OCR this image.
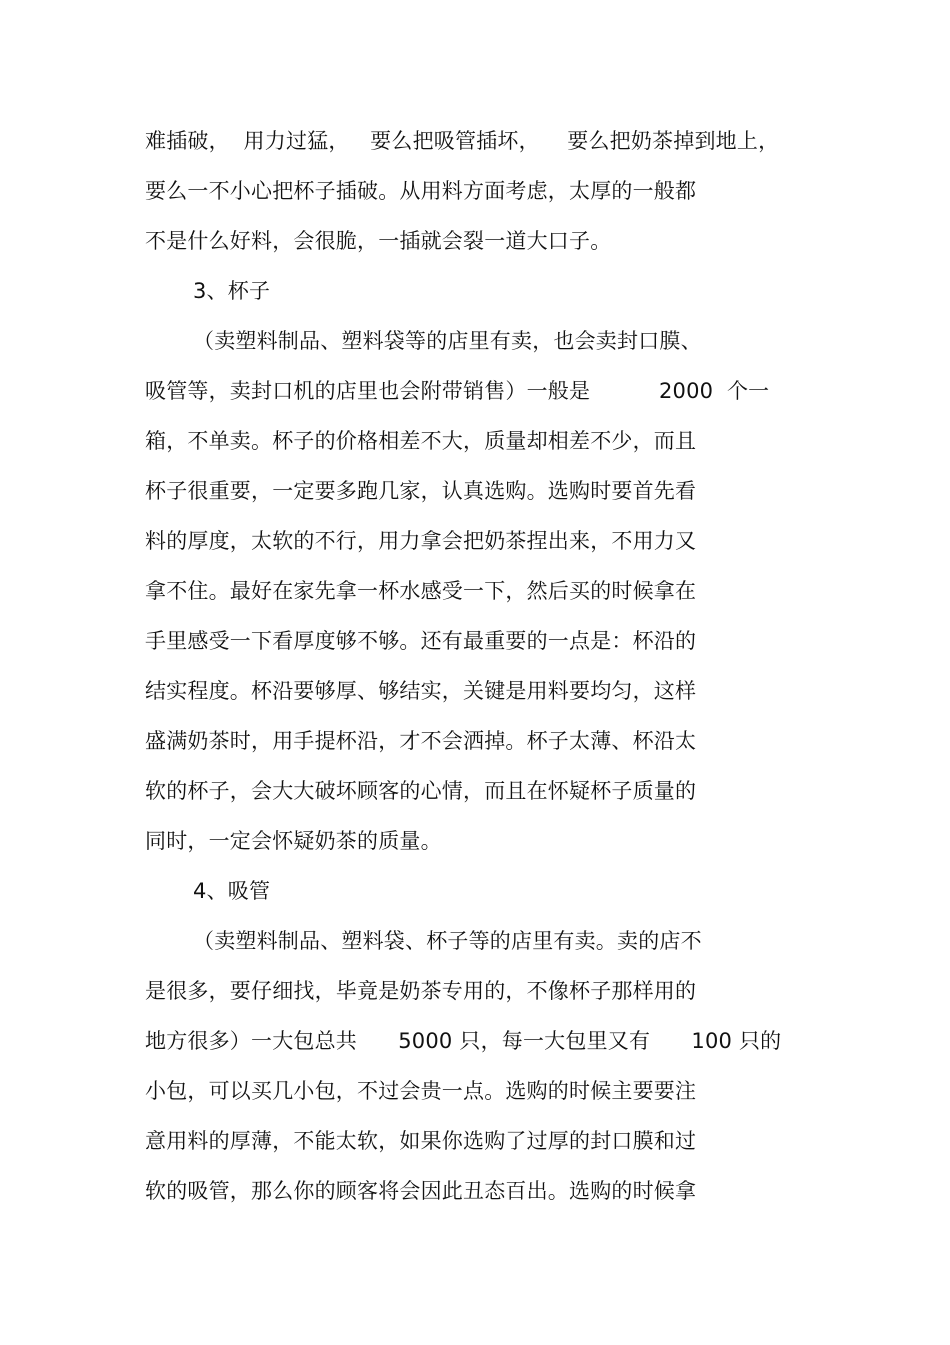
难插破，  用力过猛，   要么把吸管插坏，    要么把奶茶掉到地上，
要么一不小心把杯子插破。从用料方面考虑，太厚的一般都
不是什么好料，会很脆，一插就会裂一道大口子。
3、杯子
（卖塑料制品、塑料袋等的店里有卖，也会卖封口膜、
吸管等，卖封口机的店里也会附带销售）一般是          2000  个一
箱，不单卖。杯子的价格相差不大，质量却相差不少，而且
杯子很重要，一定要多跑几家，认真选购。选购时要首先看
料的厚度，太软的不行，用力拿会把奶茶捏出来，不用力又
拿不住。最好在家先拿一杯水感受一下，然后买的时候拿在
手里感受一下看厚度够不够。还有最重要的一点是：杯沿的
结实程度。杯沿要够厚、够结实，关键是用料要均匀，这样
盛满奶茶时，用手提杯沿，才不会洒掉。杯子太薄、杯沿太
软的杯子，会大大破坏顾客的心情，而且在怀疑杯子质量的
同时，一定会怀疑奶茶的质量。
4、吸管
（卖塑料制品、塑料袋、杯子等的店里有卖。卖的店不
是很多，要仔细找，毕竟是奶茶专用的，不像杯子那样用的
地方很多）一大包总共      5000 只，每一大包里又有      100 只的
小包，可以买几小包，不过会贵一点。选购的时候主要要注
意用料的厚薄，不能太软，如果你选购了过厚的封口膜和过
软的吸管，那么你的顾客将会因此丑态百出。选购的时候拿
